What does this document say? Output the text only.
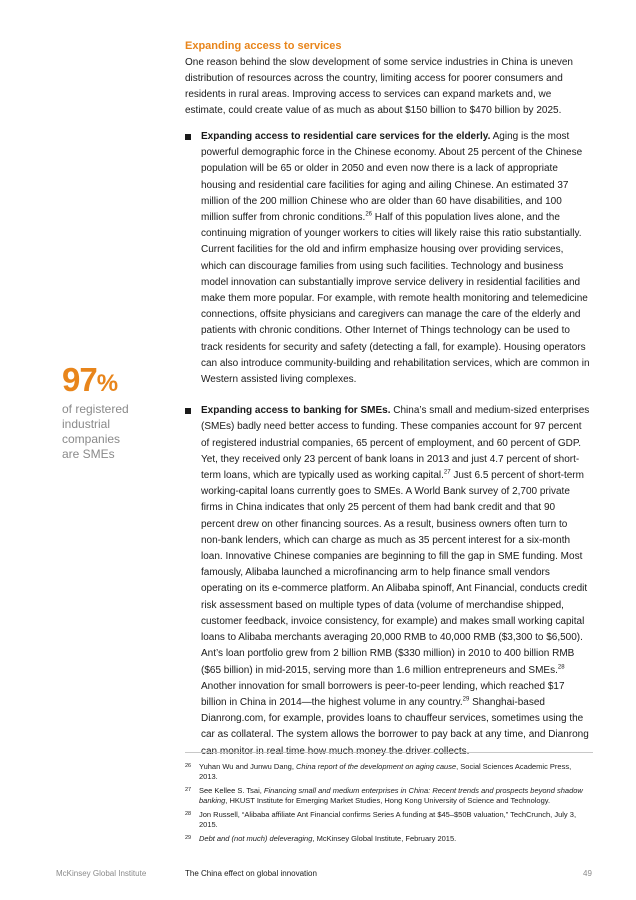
Expanding access to services

One reason behind the slow development of some service industries in China is uneven distribution of resources across the country, limiting access for poorer consumers and residents in rural areas. Improving access to services can expand markets and, we estimate, could create value of as much as about $150 billion to $470 billion by 2025.

Expanding access to residential care services for the elderly. Aging is the most powerful demographic force in the Chinese economy. About 25 percent of the Chinese population will be 65 or older in 2050 and even now there is a lack of appropriate housing and residential care facilities for aging and ailing Chinese. An estimated 37 million of the 200 million Chinese who are older than 60 have disabilities, and 100 million suffer from chronic conditions.$^{26}$ Half of this population lives alone, and the continuing migration of younger workers to cities will likely raise this ratio substantially. Current facilities for the old and infirm emphasize housing over providing services, which can discourage families from using such facilities. Technology and business model innovation can substantially improve service delivery in residential facilities and make them more popular. For example, with remote health monitoring and telemedicine connections, offsite physicians and caregivers can manage the care of the elderly and patients with chronic conditions. Other Internet of Things technology can be used to track residents for security and safety (detecting a fall, for example). Housing operators can also introduce community-building and rehabilitation services, which are common in Western assisted living complexes.
Expanding access to banking for SMEs. China’s small and medium-sized enterprises (SMEs) badly need better access to funding. These companies account for 97 percent of registered industrial companies, 65 percent of employment, and 60 percent of GDP. Yet, they received only 23 percent of bank loans in 2013 and just 4.7 percent of short-term loans, which are typically used as working capital.$^{27}$ Just 6.5 percent of short-term working-capital loans currently goes to SMEs. A World Bank survey of 2,700 private firms in China indicates that only 25 percent of them had bank credit and that 90 percent drew on other financing sources. As a result, business owners often turn to non-bank lenders, which can charge as much as 35 percent interest for a six-month loan. Innovative Chinese companies are beginning to fill the gap in SME funding. Most famously, Alibaba launched a microfinancing arm to help finance small vendors operating on its e-commerce platform. An Alibaba spinoff, Ant Financial, conducts credit risk assessment based on multiple types of data (volume of merchandise shipped, customer feedback, invoice consistency, for example) and makes small working capital loans to Alibaba merchants averaging 20,000 RMB to 40,000 RMB ($3,300 to $6,500). Ant’s loan portfolio grew from 2 billion RMB ($330 million) in 2010 to 400 billion RMB ($65 billion) in mid-2015, serving more than 1.6 million entrepreneurs and SMEs.$^{28}$ Another innovation for small borrowers is peer-to-peer lending, which reached $17 billion in China in 2014—the highest volume in any country.$^{29}$ Shanghai-based Dianrong.com, for example, provides loans to chauffeur services, sometimes using the car as collateral. The system allows the borrower to pay back at any time, and Dianrong can monitor in real time how much money the driver collects.
97%
of registered
industrial
companies
are SMEs
26 Yuhan Wu and Junwu Dang, China report of the development on aging cause, Social Sciences Academic Press, 2013.
27 See Kellee S. Tsai, Financing small and medium enterprises in China: Recent trends and prospects beyond shadow banking, HKUST Institute for Emerging Market Studies, Hong Kong University of Science and Technology.
28 Jon Russell, “Alibaba affiliate Ant Financial confirms Series A funding at $45–$50B valuation,” TechCrunch, July 3, 2015.
29 Debt and (not much) deleveraging, McKinsey Global Institute, February 2015.
McKinsey Global Institute	The China effect on global innovation	49
